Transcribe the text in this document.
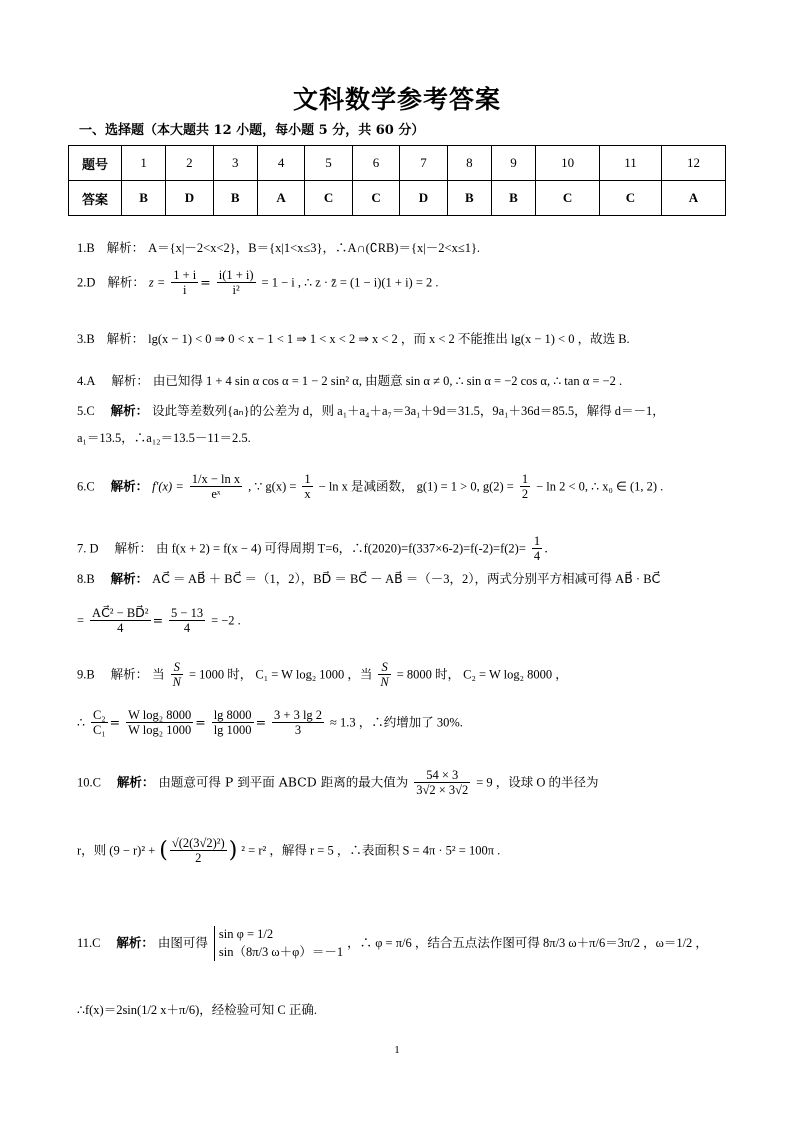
文科数学参考答案
一、选择题（本大题共 12 小题，每小题 5 分，共 60 分）
题号	1	2	3	4	5	6	7	8	9	10	11	12
答案	B	D	B	A	C	C	D	B	B	C	C	A
1.B 解析： A＝{x|－2<x<2}，B＝{x|1<x≤3}，∴A∩(∁RB)＝{x|－2<x≤1}.
2.D 解析： $z = \frac{1 + i}{i} = \frac{i(1 + i)}{\text{i²}} = 1 - i$ , ∴ z · z̄ = (1 − i)(1 + i) = 2 .
3.B 解析： lg(x − 1) < 0 ⇒ 0 < x − 1 < 1 ⇒ 1 < x < 2 ⇒ x < 2 ，而 x < 2 不能推出 lg(x − 1) < 0 ，故选 B.
4.A 解析： 由已知得 1 + 4 sin α cos α = 1 − 2 sin² α, 由题意 sin α ≠ 0, ∴ sin α = −2 cos α, ∴ tan α = −2 .
5.C 解析： 设此等差数列{aₙ}的公差为 d，则 a₁＋a₄＋a₇＝3a₁＋9d＝31.5，9a₁＋36d＝85.5，解得 d＝－1，
a₁＝13.5，∴a₁₂＝13.5－11＝2.5.
6.C 解析： $f'(x) = \frac{\text{1/x − ln x}}{\text{eˣ}}$ , ∵ $g(x) = \frac{1}{x} - \ln x$ 是减函数， g(1) = 1 > 0, $g(2) = \frac{1}{2} - \ln 2 < 0$, ∴ x₀ ∈ (1, 2) .
7. D 解析： 由 f(x + 2) = f(x − 4) 可得周期 T=6，∴f(2020)=f(337×6-2)=f(-2)=f(2)= $\frac{1}{4}$ .
8.B 解析： AC⃗ ＝ AB⃗ ＋ BC⃗ ＝（1，2），BD⃗ ＝ BC⃗ － AB⃗ ＝（－3，2），两式分别平方相减可得 AB⃗ · BC⃗
= $\frac{\text{AC⃗² − BD⃗²}}{4} = \frac{5 - 13}{4} = -2$ .
9.B 解析： 当 $\frac{S}{N} = 1000$ 时， C₁ = W log₂ 1000 ，当 $\frac{S}{N} = 8000$ 时， C₂ = W log₂ 8000 ，
∴ $\frac{\text{C₂}}{\text{C₁}} = \frac{\text{W log₂ 8000}}{\text{W log₂ 1000}} = \frac{\lg 8000}{\lg 1000} = \frac{3 + 3 \lg 2}{3} \approx 1.3$ ，∴约增加了 30%.
10.C 解析： 由题意可得 P 到平面 ABCD 距离的最大值为 $\frac{54 \times 3}{3√2 \times 3√2} = 9$ ，设球 O 的半径为
r，则 (9 − r)² + ( $\frac{\text{√(2(3√2)²)}}{2}$ ) ² = r² ，解得 r = 5 ，∴表面积 S = 4π · 5² = 100π .
11.C 解析： 由图可得
sin φ = 1/2
sin（8π/3 ω＋φ）＝－1
，∴ φ = π/6 ，结合五点法作图可得 8π/3 ω＋π/6＝3π/2 ，ω＝1/2 ，
∴f(x)＝2sin(1/2 x＋π/6)，经检验可知 C 正确.
1
